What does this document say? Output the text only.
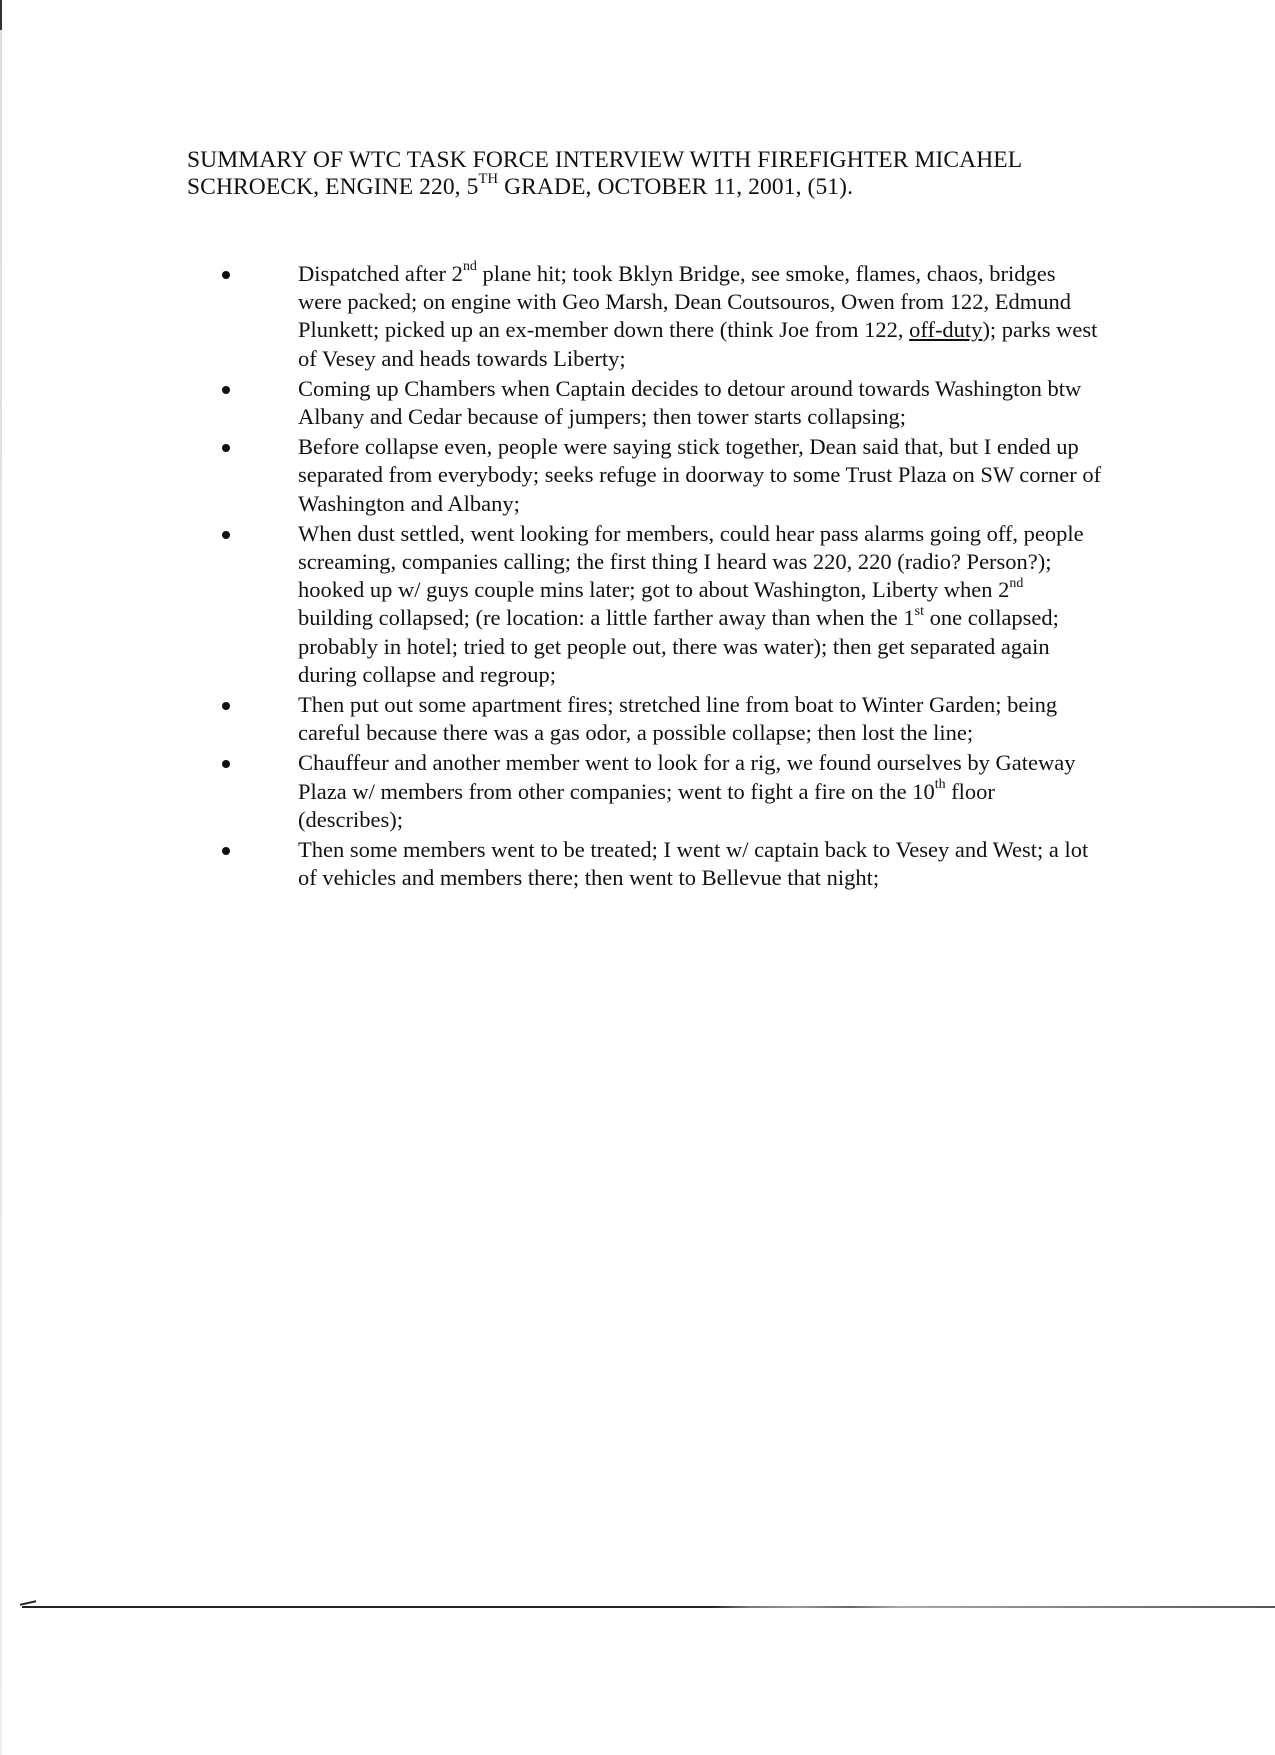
SUMMARY OF WTC TASK FORCE INTERVIEW WITH FIREFIGHTER MICAHEL
SCHROECK, ENGINE 220, 5TH GRADE, OCTOBER 11, 2001, (51).
Dispatched after 2nd plane hit; took Bklyn Bridge, see smoke, flames, chaos, bridges were packed; on engine with Geo Marsh, Dean Coutsouros, Owen from 122, Edmund Plunkett; picked up an ex-member down there (think Joe from 122, off-duty); parks west of Vesey and heads towards Liberty;
Coming up Chambers when Captain decides to detour around towards Washington btw Albany and Cedar because of jumpers; then tower starts collapsing;
Before collapse even, people were saying stick together, Dean said that, but I ended up separated from everybody; seeks refuge in doorway to some Trust Plaza on SW corner of Washington and Albany;
When dust settled, went looking for members, could hear pass alarms going off, people screaming, companies calling; the first thing I heard was 220, 220 (radio? Person?); hooked up w/ guys couple mins later; got to about Washington, Liberty when 2nd building collapsed; (re location: a little farther away than when the 1st one collapsed; probably in hotel; tried to get people out, there was water); then get separated again during collapse and regroup;
Then put out some apartment fires; stretched line from boat to Winter Garden; being careful because there was a gas odor, a possible collapse; then lost the line;
Chauffeur and another member went to look for a rig, we found ourselves by Gateway Plaza w/ members from other companies; went to fight a fire on the 10th floor (describes);
Then some members went to be treated; I went w/ captain back to Vesey and West; a lot of vehicles and members there; then went to Bellevue that night;
